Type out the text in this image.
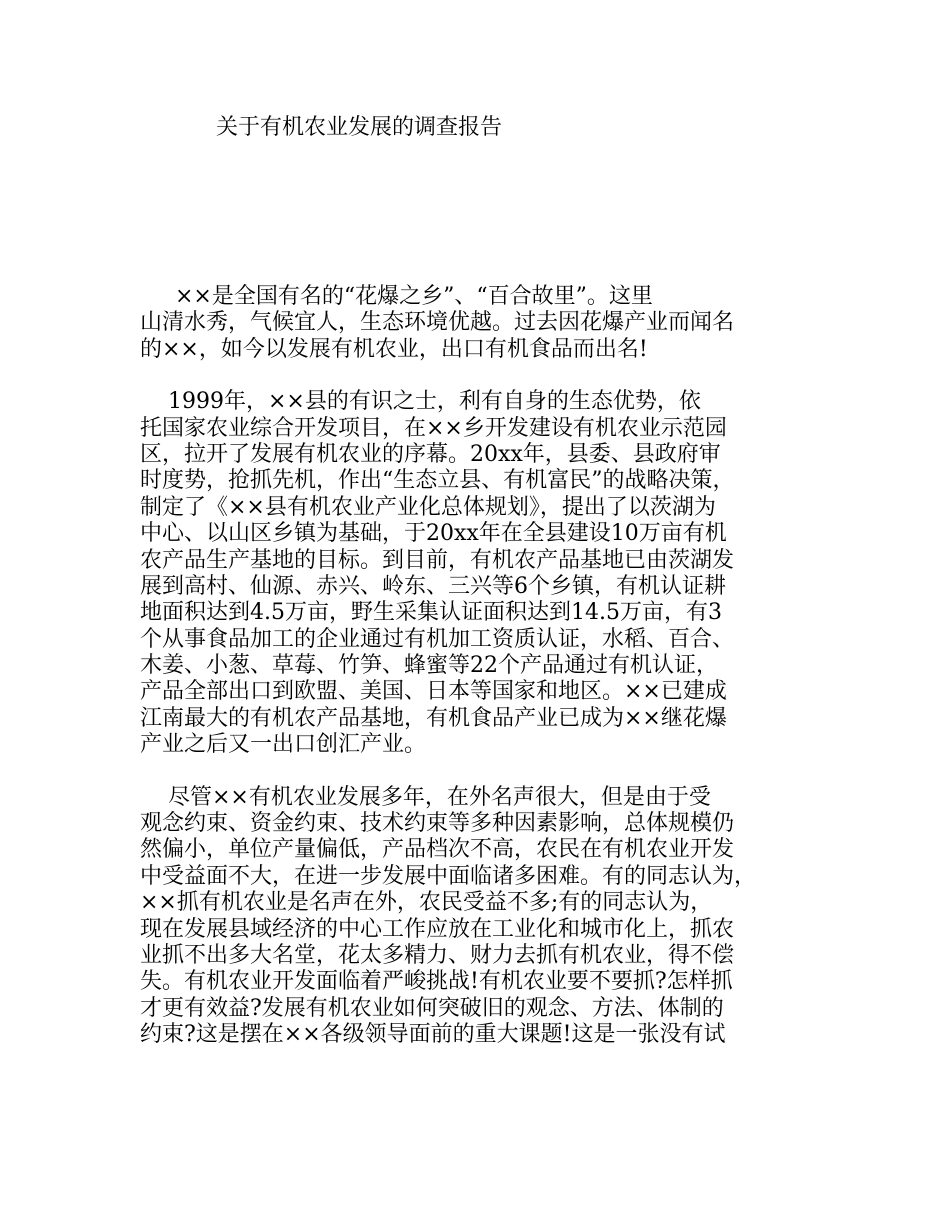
关于有机农业发展的调查报告
××是全国有名的“花爆之乡”、“百合故里”。这里
山清水秀，气候宜人，生态环境优越。过去因花爆产业而闻名
的××，如今以发展有机农业，出口有机食品而出名!
1999年，××县的有识之士，利有自身的生态优势，依
托国家农业综合开发项目，在××乡开发建设有机农业示范园
区，拉开了发展有机农业的序幕。20xx年，县委、县政府审
时度势，抢抓先机，作出“生态立县、有机富民”的战略决策，
制定了《××县有机农业产业化总体规划》，提出了以茨湖为
中心、以山区乡镇为基础，于20xx年在全县建设10万亩有机
农产品生产基地的目标。到目前，有机农产品基地已由茨湖发
展到高村、仙源、赤兴、岭东、三兴等6个乡镇，有机认证耕
地面积达到4.5万亩，野生采集认证面积达到14.5万亩，有3
个从事食品加工的企业通过有机加工资质认证，水稻、百合、
木姜、小葱、草莓、竹笋、蜂蜜等22个产品通过有机认证，
产品全部出口到欧盟、美国、日本等国家和地区。××已建成
江南最大的有机农产品基地，有机食品产业已成为××继花爆
产业之后又一出口创汇产业。
尽管××有机农业发展多年，在外名声很大，但是由于受
观念约束、资金约束、技术约束等多种因素影响，总体规模仍
然偏小，单位产量偏低，产品档次不高，农民在有机农业开发
中受益面不大，在进一步发展中面临诸多困难。有的同志认为，
××抓有机农业是名声在外，农民受益不多;有的同志认为，
现在发展县域经济的中心工作应放在工业化和城市化上，抓农
业抓不出多大名堂，花太多精力、财力去抓有机农业，得不偿
失。有机农业开发面临着严峻挑战!有机农业要不要抓?怎样抓
才更有效益?发展有机农业如何突破旧的观念、方法、体制的
约束?这是摆在××各级领导面前的重大课题!这是一张没有试
